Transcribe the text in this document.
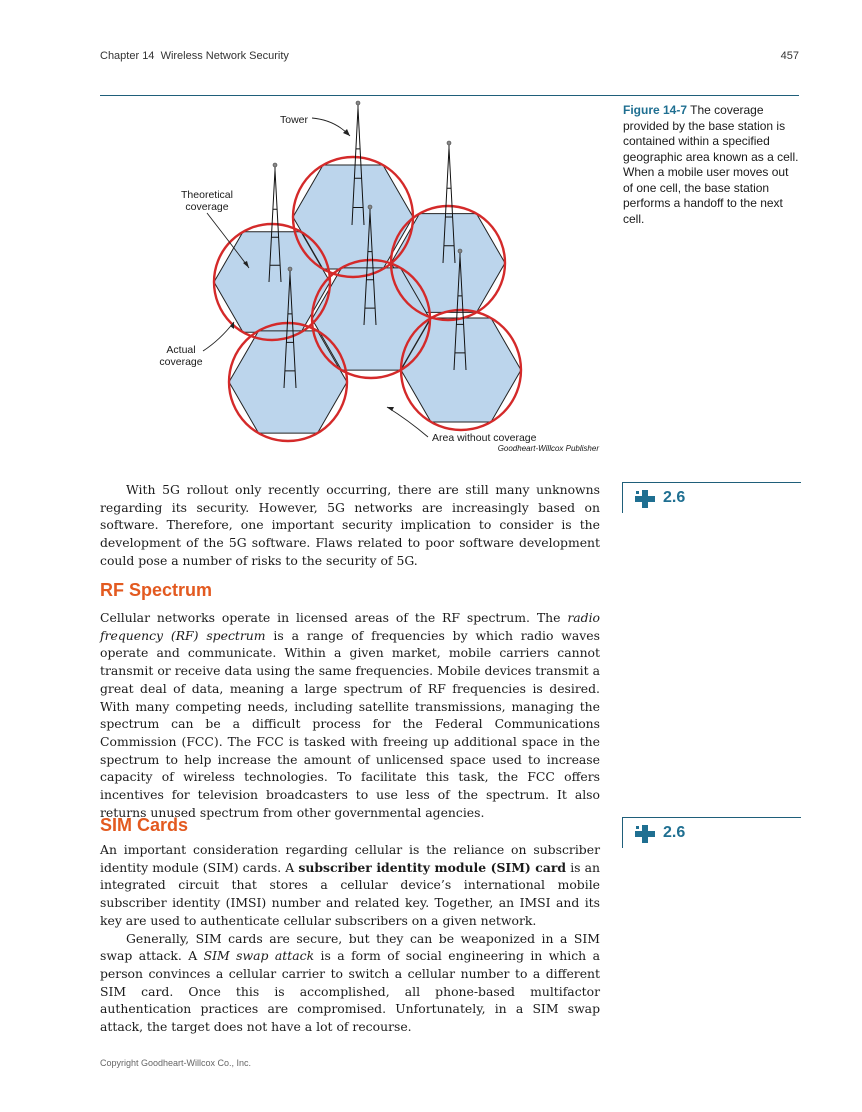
Chapter 14 Wireless Network Security	457
Tower
Theoretical
coverage
Actual
coverage
Area without coverage
Goodheart-Willcox Publisher
Figure 14-7 The coverage provided by the base station is contained within a specified geographic area known as a cell. When a mobile user moves out of one cell, the base station performs a handoff to the next cell.

With 5G rollout only recently occurring, there are still many unknowns regarding its security. However, 5G networks are increasingly based on software. Therefore, one important security implication to consider is the development of the 5G software. Flaws related to poor software development could pose a number of risks to the security of 5G.

2.6
RF Spectrum

Cellular networks operate in licensed areas of the RF spectrum. The radio frequency (RF) spectrum is a range of frequencies by which radio waves operate and communicate. Within a given market, mobile carriers cannot transmit or receive data using the same frequencies. Mobile devices transmit a great deal of data, meaning a large spectrum of RF frequencies is desired. With many competing needs, including satellite transmissions, managing the spectrum can be a difficult process for the Federal Communications Commission (FCC). The FCC is tasked with freeing up additional space in the spectrum to help increase the amount of unlicensed space used to increase capacity of wireless technologies. To facilitate this task, the FCC offers incentives for television broadcasters to use less of the spectrum. It also returns unused spectrum from other governmental agencies.

SIM Cards	2.6

An important consideration regarding cellular is the reliance on subscriber identity module (SIM) cards. A subscriber identity module (SIM) card is an integrated circuit that stores a cellular device’s international mobile subscriber identity (IMSI) number and related key. Together, an IMSI and its key are used to authenticate cellular subscribers on a given network.

Generally, SIM cards are secure, but they can be weaponized in a SIM swap attack. A SIM swap attack is a form of social engineering in which a person convinces a cellular carrier to switch a cellular number to a different SIM card. Once this is accomplished, all phone-based multifactor authentication practices are compromised. Unfortunately, in a SIM swap attack, the target does not have a lot of recourse.

Copyright Goodheart-Willcox Co., Inc.
